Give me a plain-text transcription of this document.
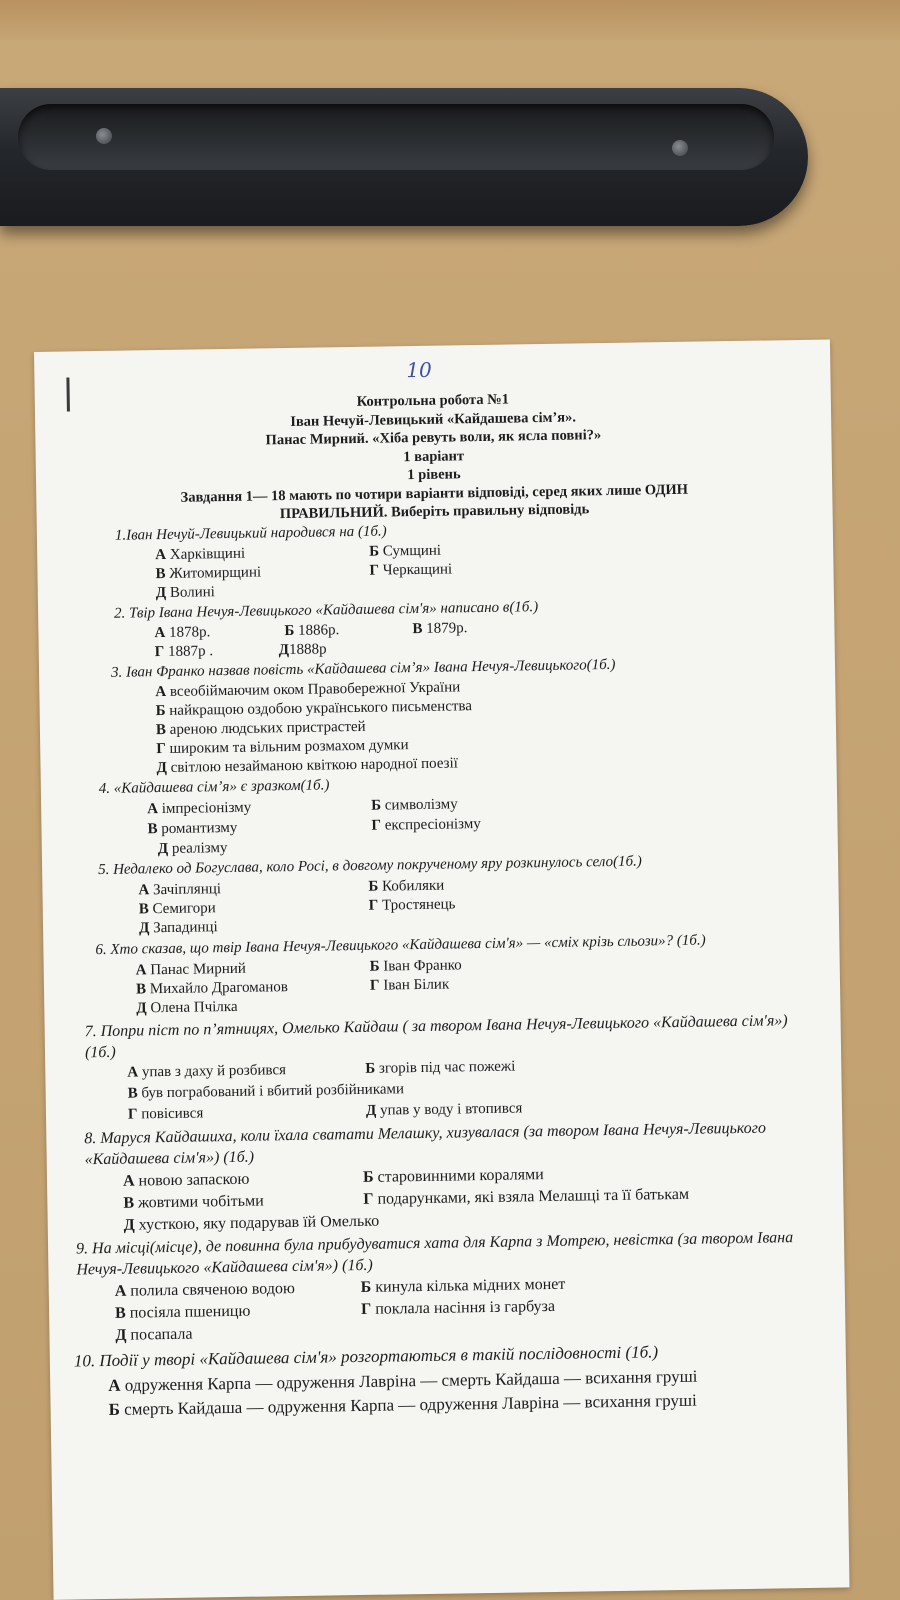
10
Контрольна робота №1
Іван Нечуй-Левицький «Кайдашева сім’я».
Панас Мирний. «Хіба ревуть воли, як ясла повні?»
1 варіант
1 рівень
Завдання 1— 18 мають по чотири варіанти відповіді, серед яких лише ОДИН
ПРАВИЛЬНИЙ. Виберіть правильну відповідь
1.Іван Нечуй-Левицький народився на (1б.)
А Харківщині	Б Сумщині
В Житомирщині	Г Черкащині
Д Волині
2. Твір Івана Нечуя-Левицького «Кайдашева сім'я» написано в(1б.)
А 1878р.	Б 1886р.	В 1879р.
Г 1887р .	Д1888р
3. Іван Франко назвав повість «Кайдашева сім’я» Івана Нечуя-Левицького(1б.)
А всеобіймаючим оком Правобережної України
Б найкращою оздобою українського письменства
В ареною людських пристрастей
Г широким та вільним розмахом думки
Д світлою незайманою квіткою народної поезії
4. «Кайдашева сім’я» є зразком(1б.)
А імпресіонізму	Б символізму
В романтизму	Г експресіонізму
Д реалізму
5. Недалеко од Богуслава, коло Росі, в довгому покрученому яру розкинулось село(1б.)
А Зачіплянці	Б Кобиляки
В Семигори	Г Тростянець
Д Западинці
6. Хто сказав, що твір Івана Нечуя-Левицького «Кайдашева сім'я» — «сміх крізь сльози»? (1б.)
А Панас Мирний	Б Іван Франко
В Михайло Драгоманов	Г Іван Білик
Д Олена Пчілка
7. Попри піст по п’ятницях, Омелько Кайдаш ( за твором Івана Нечуя-Левицького «Кайдашева сім'я») (1б.)
А упав з даху й розбився	Б згорів під час пожежі
В був пограбований і вбитий розбійниками
Г повісився	Д упав у воду і втопився
8. Маруся Кайдашиха, коли їхала сватати Мелашку, хизувалася (за твором Івана Нечуя-Левицького «Кайдашева сім'я») (1б.)
А новою запаскою	Б старовинними коралями
В жовтими чобітьми	Г подарунками, які взяла Мелашці та її батькам
Д хусткою, яку подарував їй Омелько
9. На місці(місце), де повинна була прибудуватися хата для Карпа з Мотрею, невістка (за твором Івана Нечуя-Левицького «Кайдашева сім'я») (1б.)
А полила свяченою водою	Б кинула кілька мідних монет
В посіяла пшеницю	Г поклала насіння із гарбуза
Д посапала
10. Події у творі «Кайдашева сім'я» розгортаються в такій послідовності (1б.)
А одруження Карпа — одруження Лавріна — смерть Кайдаша — всихання груші
Б смерть Кайдаша — одруження Карпа — одруження Лавріна — всихання груші
